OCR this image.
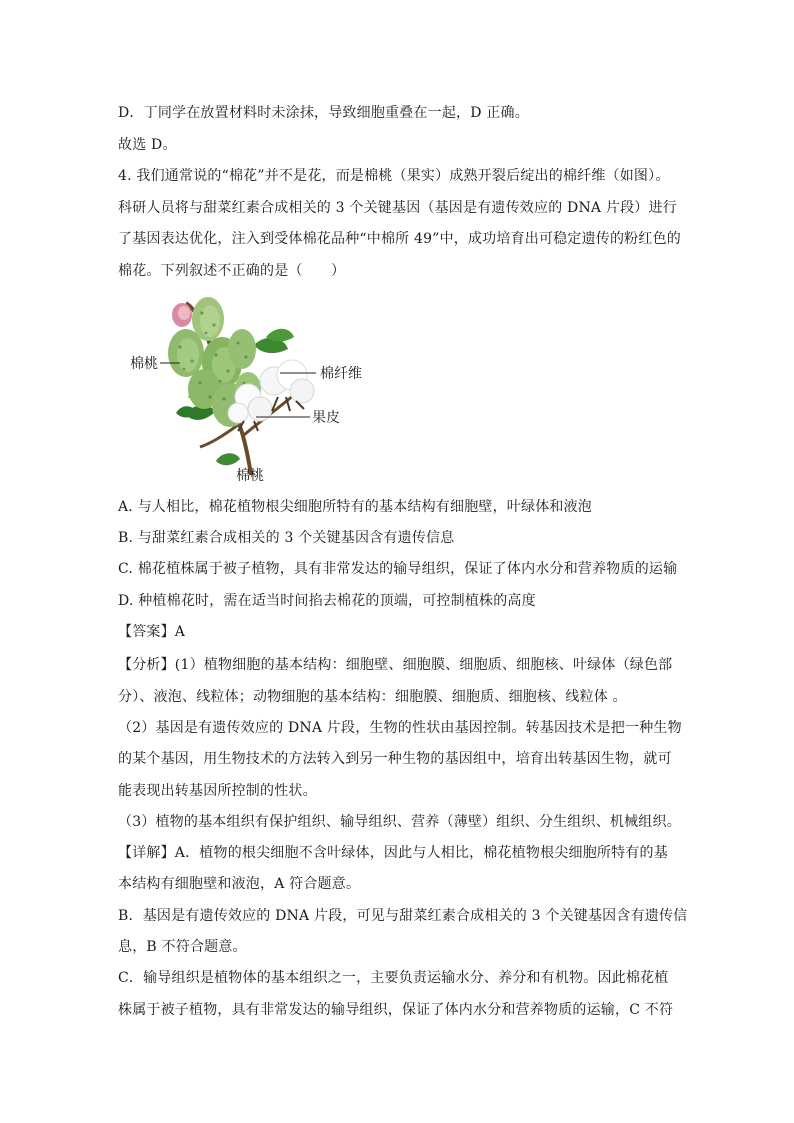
D．丁同学在放置材料时未涂抹，导致细胞重叠在一起，D 正确。
故选 D。
4. 我们通常说的“棉花”并不是花，而是棉桃（果实）成熟开裂后绽出的棉纤维（如图）。
科研人员将与甜菜红素合成相关的 3 个关键基因（基因是有遗传效应的 DNA 片段）进行
了基因表达优化，注入到受体棉花品种“中棉所 49”中，成功培育出可稳定遗传的粉红色的
棉花。下列叙述不正确的是（　　）
棉桃
棉纤维
果皮
棉桃
A. 与人相比，棉花植物根尖细胞所特有的基本结构有细胞壁，叶绿体和液泡
B. 与甜菜红素合成相关的 3 个关键基因含有遗传信息
C. 棉花植株属于被子植物，具有非常发达的输导组织，保证了体内水分和营养物质的运输
D. 种植棉花时，需在适当时间掐去棉花的顶端，可控制植株的高度
【答案】A
【分析】(1）植物细胞的基本结构：细胞壁、细胞膜、细胞质、细胞核、叶绿体（绿色部
分）、液泡、线粒体；动物细胞的基本结构：细胞膜、细胞质、细胞核、线粒体 。
（2）基因是有遗传效应的 DNA 片段，生物的性状由基因控制。转基因技术是把一种生物
的某个基因，用生物技术的方法转入到另一种生物的基因组中，培育出转基因生物，就可
能表现出转基因所控制的性状。
（3）植物的基本组织有保护组织、输导组织、营养（薄壁）组织、分生组织、机械组织。
【详解】A．植物的根尖细胞不含叶绿体，因此与人相比，棉花植物根尖细胞所特有的基
本结构有细胞壁和液泡，A 符合题意。
B．基因是有遗传效应的 DNA 片段，可见与甜菜红素合成相关的 3 个关键基因含有遗传信
息，B 不符合题意。
C．输导组织是植物体的基本组织之一，主要负责运输水分、养分和有机物。因此棉花植
株属于被子植物，具有非常发达的输导组织，保证了体内水分和营养物质的运输，C 不符
